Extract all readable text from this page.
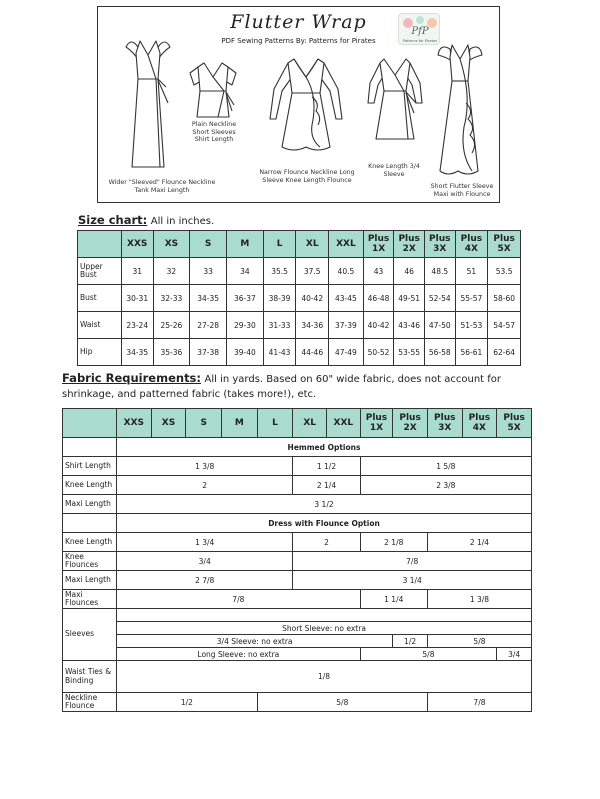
Flutter Wrap
PDF Sewing Patterns By: Patterns for Pirates
PfP
Patterns for Pirates
Wider "Sleeved" Flounce Neckline Tank Maxi Length
Plain Neckline Short Sleeves Shirt Length
Narrow Flounce Neckline Long Sleeve Knee Length Flounce
Knee Length 3/4 Sleeve
Short Flutter Sleeve Maxi with Flounce
Size chart: All in inches.
	XXS	XS	S	M	L	XL	XXL	Plus 1X	Plus 2X	Plus 3X	Plus 4X	Plus 5X
Upper Bust	31	32	33	34	35.5	37.5	40.5	43	46	48.5	51	53.5
Bust	30-31	32-33	34-35	36-37	38-39	40-42	43-45	46-48	49-51	52-54	55-57	58-60
Waist	23-24	25-26	27-28	29-30	31-33	34-36	37-39	40-42	43-46	47-50	51-53	54-57
Hip	34-35	35-36	37-38	39-40	41-43	44-46	47-49	50-52	53-55	56-58	56-61	62-64
Fabric Requirements: All in yards. Based on 60" wide fabric, does not account for shrinkage, and patterned fabric (takes more!), etc.
	XXS	XS	S	M	L	XL	XXL	Plus 1X	Plus 2X	Plus 3X	Plus 4X	Plus 5X
	Hemmed Options											
Shirt Length	1 3/8					1 1/2		1 5/8				
Knee Length	2					2 1/4		2 3/8				
Maxi Length	3 1/2											
	Dress with Flounce Option											
Knee Length	1 3/4					2		2 1/8		2 1/4		
Knee Flounces	3/4					7/8						
Maxi Length	2 7/8					3 1/4						
Maxi Flounces	7/8							1 1/4		1 3/8		
Sleeves												
	Short Sleeve: no extra											
	3/4 Sleeve: no extra								1/2	5/8		
	Long Sleeve: no extra							5/8				3/4
Waist Ties & Binding	1/8											
Neckline Flounce	1/2				5/8					7/8		
